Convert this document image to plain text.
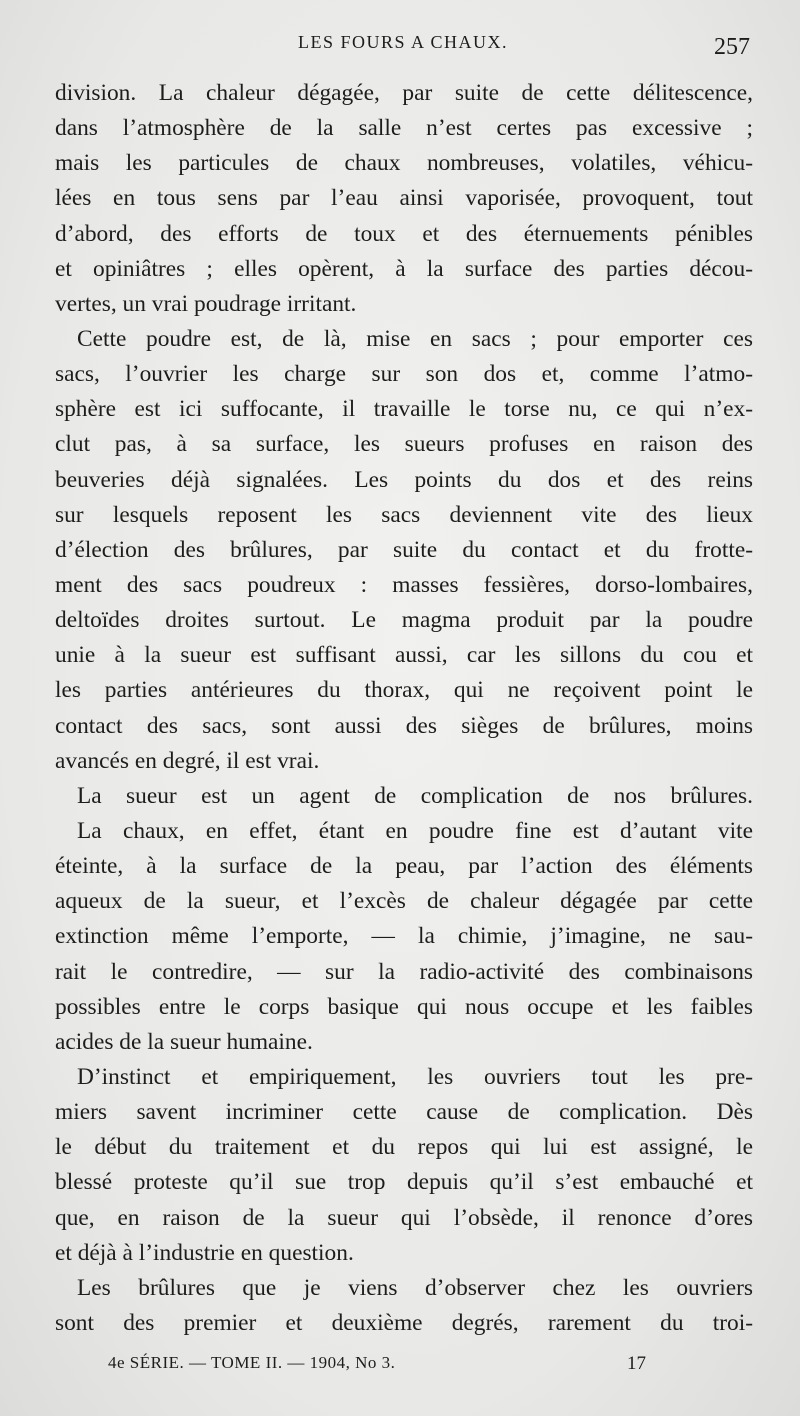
LES FOURS A CHAUX.	257
division. La chaleur dégagée, par suite de cette délitescence,
dans l’atmosphère de la salle n’est certes pas excessive ;
mais les particules de chaux nombreuses, volatiles, véhicu-
lées en tous sens par l’eau ainsi vaporisée, provoquent, tout
d’abord, des efforts de toux et des éternuements pénibles
et opiniâtres ; elles opèrent, à la surface des parties décou-
vertes, un vrai poudrage irritant.
Cette poudre est, de là, mise en sacs ; pour emporter ces
sacs, l’ouvrier les charge sur son dos et, comme l’atmo-
sphère est ici suffocante, il travaille le torse nu, ce qui n’ex-
clut pas, à sa surface, les sueurs profuses en raison des
beuveries déjà signalées. Les points du dos et des reins
sur lesquels reposent les sacs deviennent vite des lieux
d’élection des brûlures, par suite du contact et du frotte-
ment des sacs poudreux : masses fessières, dorso-lombaires,
deltoïdes droites surtout. Le magma produit par la poudre
unie à la sueur est suffisant aussi, car les sillons du cou et
les parties antérieures du thorax, qui ne reçoivent point le
contact des sacs, sont aussi des sièges de brûlures, moins
avancés en degré, il est vrai.
La sueur est un agent de complication de nos brûlures.
La chaux, en effet, étant en poudre fine est d’autant vite
éteinte, à la surface de la peau, par l’action des éléments
aqueux de la sueur, et l’excès de chaleur dégagée par cette
extinction même l’emporte, — la chimie, j’imagine, ne sau-
rait le contredire, — sur la radio-activité des combinaisons
possibles entre le corps basique qui nous occupe et les faibles
acides de la sueur humaine.
D’instinct et empiriquement, les ouvriers tout les pre-
miers savent incriminer cette cause de complication. Dès
le début du traitement et du repos qui lui est assigné, le
blessé proteste qu’il sue trop depuis qu’il s’est embauché et
que, en raison de la sueur qui l’obsède, il renonce d’ores
et déjà à l’industrie en question.
Les brûlures que je viens d’observer chez les ouvriers
sont des premier et deuxième degrés, rarement du troi-
4e SÉRIE. — TOME II. — 1904, No 3.	17
